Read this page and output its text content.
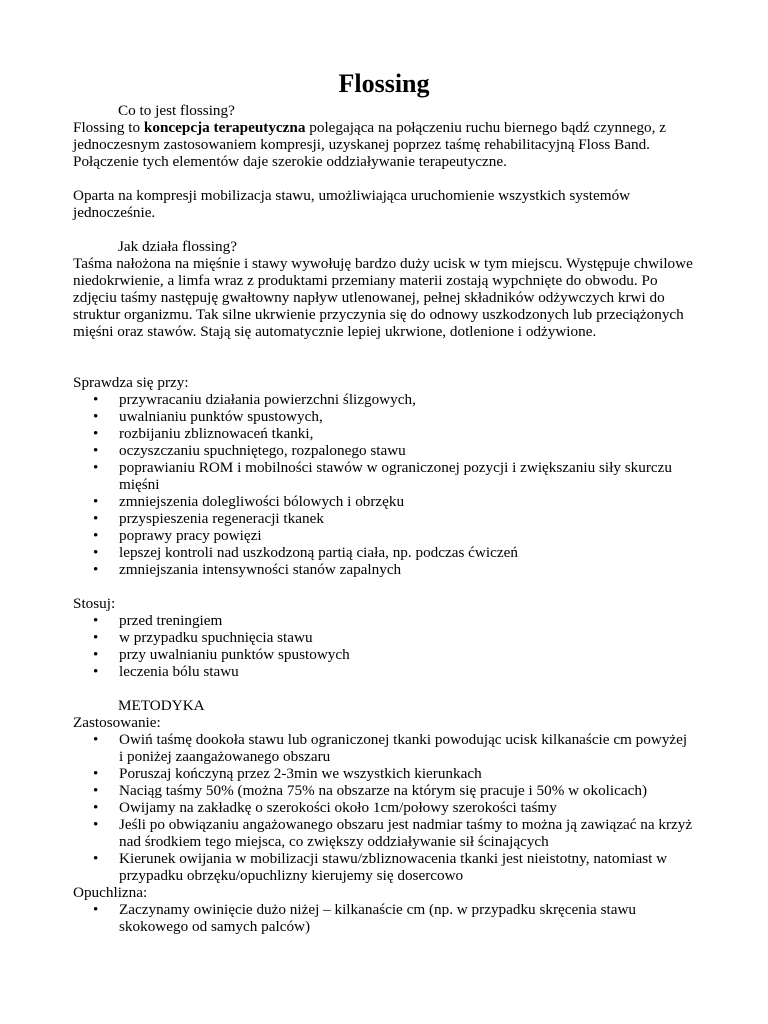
Flossing

Co to jest flossing?

Flossing to koncepcja terapeutyczna polegająca na połączeniu ruchu biernego bądź czynnego, z jednoczesnym zastosowaniem kompresji, uzyskanej poprzez taśmę rehabilitacyjną Floss Band. Połączenie tych elementów daje szerokie oddziaływanie terapeutyczne.

Oparta na kompresji mobilizacja stawu, umożliwiająca uruchomienie wszystkich systemów jednocześnie.

Jak działa flossing?

Taśma nałożona na mięśnie i stawy wywołuję bardzo duży ucisk w tym miejscu. Występuje chwilowe niedokrwienie, a limfa wraz z produktami przemiany materii zostają wypchnięte do obwodu. Po zdjęciu taśmy następuję gwałtowny napływ utlenowanej, pełnej składników odżywczych krwi do struktur organizmu. Tak silne ukrwienie przyczynia się do odnowy uszkodzonych lub przeciążonych mięśni oraz stawów. Stają się automatycznie lepiej ukrwione, dotlenione i odżywione.

Sprawdza się przy:

• przywracaniu działania powierzchni ślizgowych,
• uwalnianiu punktów spustowych,
• rozbijaniu zbliznowaceń tkanki,
• oczyszczaniu spuchniętego, rozpalonego stawu
• poprawianiu ROM i mobilności stawów w ograniczonej pozycji i zwiększaniu siły skurczu mięśni
• zmniejszenia dolegliwości bólowych i obrzęku
• przyspieszenia regeneracji tkanek
• poprawy pracy powięzi
• lepszej kontroli nad uszkodzoną partią ciała, np. podczas ćwiczeń
• zmniejszania intensywności stanów zapalnych

Stosuj:

• przed treningiem
• w przypadku spuchnięcia stawu
• przy uwalnianiu punktów spustowych
• leczenia bólu stawu

METODYKA

Zastosowanie:

• Owiń taśmę dookoła stawu lub ograniczonej tkanki powodując ucisk kilkanaście cm powyżej i poniżej zaangażowanego obszaru
• Poruszaj kończyną przez 2-3min we wszystkich kierunkach
• Naciąg taśmy 50% (można 75% na obszarze na którym się pracuje i 50% w okolicach)
• Owijamy na zakładkę o szerokości około 1cm/połowy szerokości taśmy
• Jeśli po obwiązaniu angażowanego obszaru jest nadmiar taśmy to można ją zawiązać na krzyż nad środkiem tego miejsca, co zwiększy oddziaływanie sił ścinających
• Kierunek owijania w mobilizacji stawu/zbliznowacenia tkanki jest nieistotny, natomiast w przypadku obrzęku/opuchlizny kierujemy się dosercowo

Opuchlizna:

• Zaczynamy owinięcie dużo niżej – kilkanaście cm (np. w przypadku skręcenia stawu skokowego od samych palców)
